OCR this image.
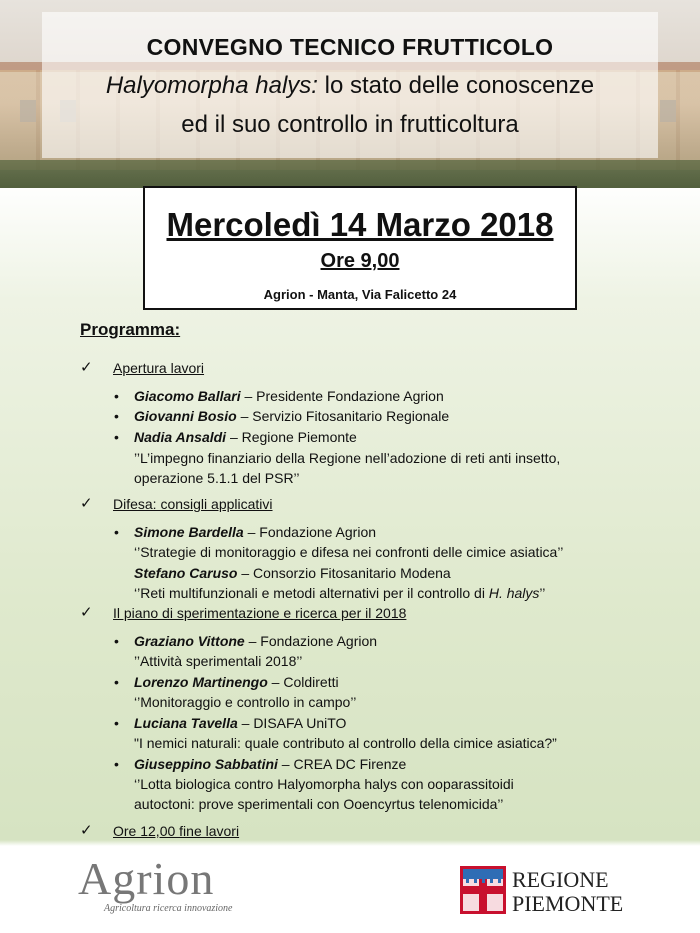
CONVEGNO TECNICO FRUTTICOLO
Halyomorpha halys: lo stato delle conoscenze
ed il suo controllo in frutticoltura
Mercoledì 14 Marzo 2018
Ore 9,00
Agrion - Manta, Via Falicetto 24
Programma:
✓ Apertura lavori
• Giacomo Ballari – Presidente Fondazione Agrion
• Giovanni Bosio – Servizio Fitosanitario Regionale
• Nadia Ansaldi – Regione Piemonte
’’L’impegno finanziario della Regione nell’adozione di reti anti insetto,
operazione 5.1.1 del PSR’’
✓ Difesa: consigli applicativi
• Simone Bardella – Fondazione Agrion
‘’Strategie di monitoraggio e difesa nei confronti delle cimice asiatica’’
Stefano Caruso – Consorzio Fitosanitario Modena
‘’Reti multifunzionali e metodi alternativi per il controllo di H. halys’’
✓ Il piano di sperimentazione e ricerca per il 2018
• Graziano Vittone – Fondazione Agrion
’’Attività sperimentali 2018’’
• Lorenzo Martinengo – Coldiretti
‘’Monitoraggio e controllo in campo’’
• Luciana Tavella – DISAFA UniTO
"I nemici naturali: quale contributo al controllo della cimice asiatica?”
• Giuseppino Sabbatini – CREA DC Firenze
‘’Lotta biologica contro Halyomorpha halys con ooparassitoidi
autoctoni: prove sperimentali con Ooencyrtus telenomicida’’
✓ Ore 12,00 fine lavori
Agrion
Agricoltura ricerca innovazione
REGIONE
PIEMONTE
